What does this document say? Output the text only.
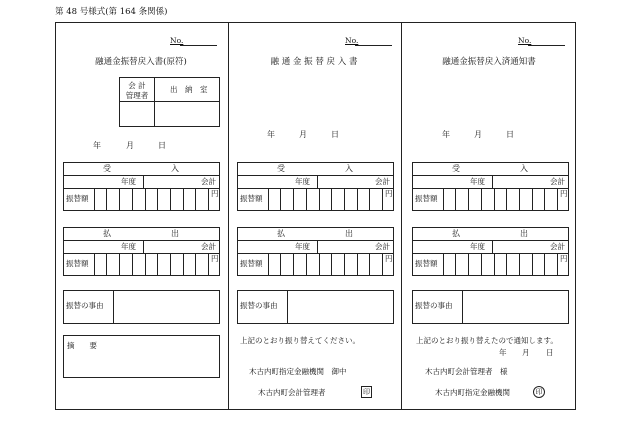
第 48 号様式(第 164 条関係)
No.
融通金振替戻入書(原符)
年	月	日
受	入
年度	会計
振替額
円
払	出
年度	会計
振替額
円
振替の事由
No.
融 通 金 振 替 戻 入 書
年	月	日
受	入
年度	会計
振替額
円
払	出
年度	会計
振替額
円
振替の事由
No.
融通金振替戻入済通知書
年	月	日
受	入
年度	会計
振替額
円
払	出
年度	会計
振替額
円
振替の事由
会 計
管理者
出　納　室
摘　　要
上記のとおり振り替えてください。
木古内町指定金融機関　御中
木古内町会計管理者	印
上記のとおり振り替えたので通知します。
年 月 日
木古内町会計管理者　様
木古内町指定金融機関	印
